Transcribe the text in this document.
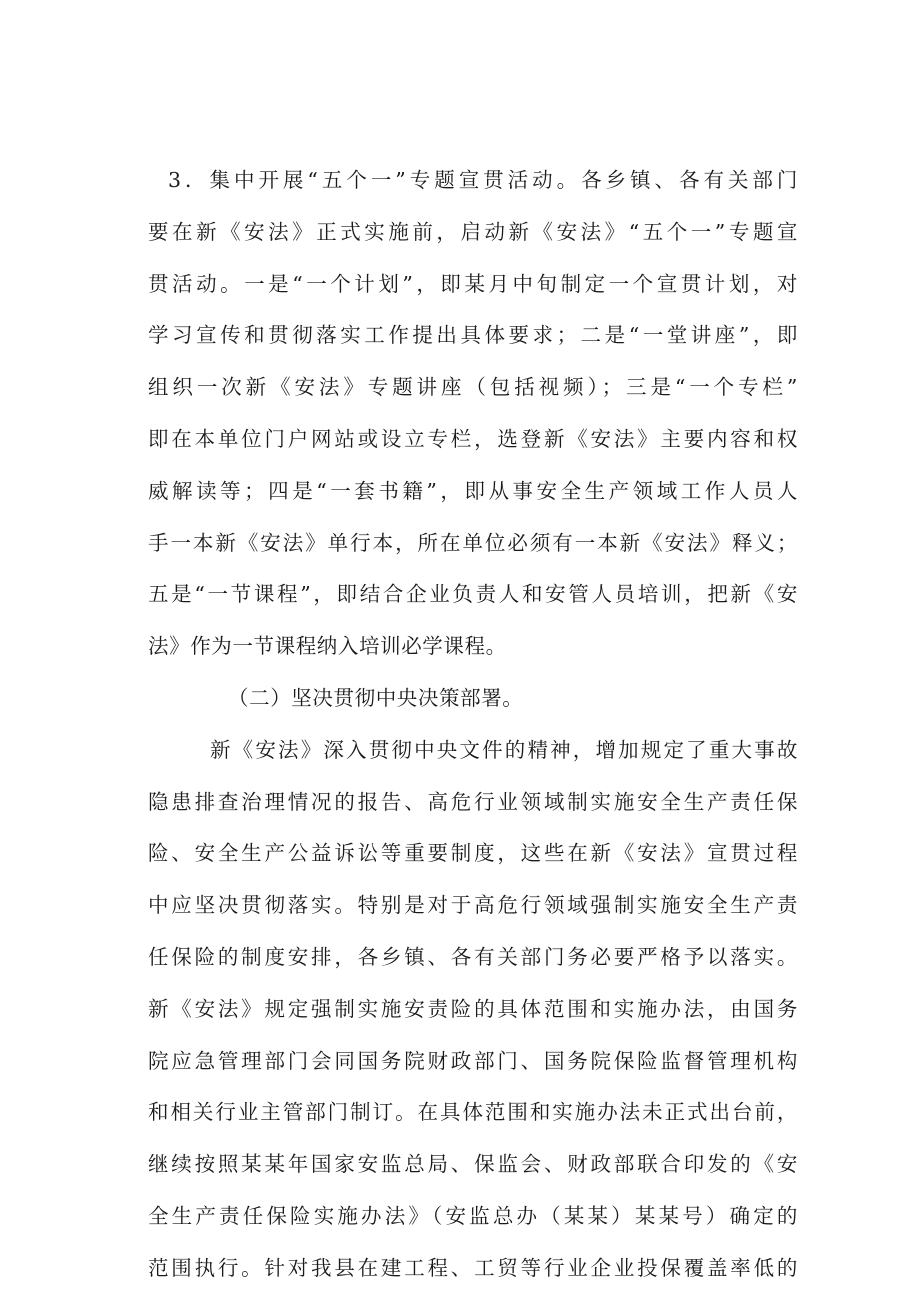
3．集中开展“五个一”专题宣贯活动。各乡镇、各有关部门
要在新《安法》正式实施前，启动新《安法》“五个一”专题宣
贯活动。一是“一个计划”，即某月中旬制定一个宣贯计划，对
学习宣传和贯彻落实工作提出具体要求；二是“一堂讲座”，即
组织一次新《安法》专题讲座（包括视频）；三是“一个专栏”
即在本单位门户网站或设立专栏，选登新《安法》主要内容和权
威解读等；四是“一套书籍”，即从事安全生产领域工作人员人
手一本新《安法》单行本，所在单位必须有一本新《安法》释义；
五是“一节课程”，即结合企业负责人和安管人员培训，把新《安
法》作为一节课程纳入培训必学课程。
（二）坚决贯彻中央决策部署。
新《安法》深入贯彻中央文件的精神，增加规定了重大事故
隐患排查治理情况的报告、高危行业领域制实施安全生产责任保
险、安全生产公益诉讼等重要制度，这些在新《安法》宣贯过程
中应坚决贯彻落实。特别是对于高危行领域强制实施安全生产责
任保险的制度安排，各乡镇、各有关部门务必要严格予以落实。
新《安法》规定强制实施安责险的具体范围和实施办法，由国务
院应急管理部门会同国务院财政部门、国务院保险监督管理机构
和相关行业主管部门制订。在具体范围和实施办法未正式出台前，
继续按照某某年国家安监总局、保监会、财政部联合印发的《安
全生产责任保险实施办法》（安监总办（某某）某某号）确定的
范围执行。针对我县在建工程、工贸等行业企业投保覆盖率低的
